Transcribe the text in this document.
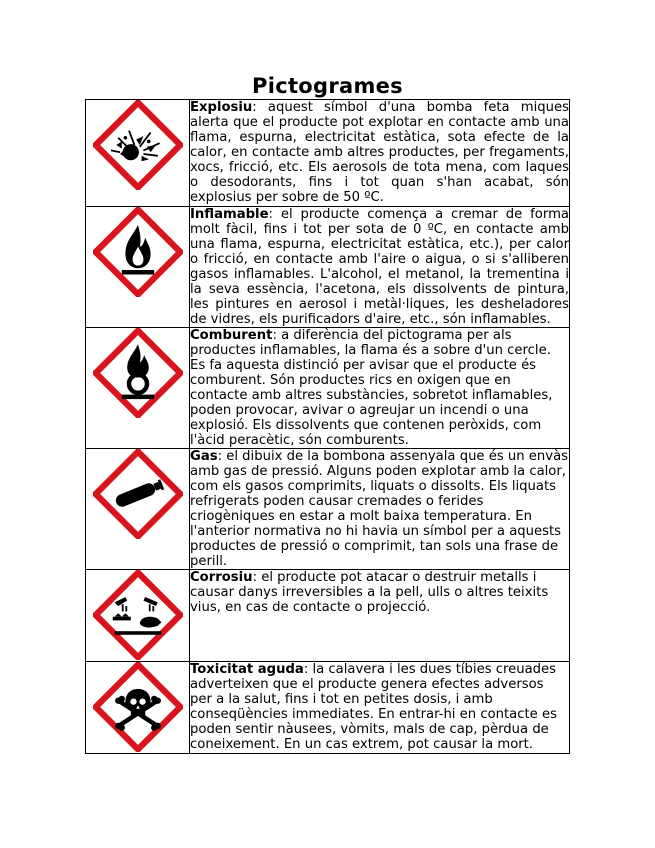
Pictogrames
	Explosiu: aquest símbol d'una bomba feta miques alerta que el producte pot explotar en contacte amb una flama, espurna, electricitat estàtica, sota efecte de la calor, en contacte amb altres productes, per fregaments, xocs, fricció, etc. Els aerosols de tota mena, com laques o desodorants, fins i tot quan s'han acabat, són explosius per sobre de 50 ºC.

	Inflamable: el producte comença a cremar de forma molt fàcil, fins i tot per sota de 0 ºC, en contacte amb una flama, espurna, electricitat estàtica, etc.), per calor o fricció, en contacte amb l'aire o aigua, o si s'alliberen gasos inflamables. L'alcohol, el metanol, la trementina i la seva essència, l'acetona, els dissolvents de pintura, les pintures en aerosol i metàl·liques, les desheladores de vidres, els purificadors d'aire, etc., són inflamables.

	Comburent: a diferència del pictograma per als productes inflamables, la flama és a sobre d'un cercle. Es fa aquesta distinció per avisar que el producte és comburent. Són productes rics en oxigen que en contacte amb altres substàncies, sobretot inflamables, poden provocar, avivar o agreujar un incendi o una explosió. Els dissolvents que contenen peròxids, com l'àcid peracètic, són comburents.

	Gas: el dibuix de la bombona assenyala que és un envàs amb gas de pressió. Alguns poden explotar amb la calor, com els gasos comprimits, liquats o dissolts. Els liquats refrigerats poden causar cremades o ferides criogèniques en estar a molt baixa temperatura. En l'anterior normativa no hi havia un símbol per a aquests productes de pressió o comprimit, tan sols una frase de perill.

	Corrosiu: el producte pot atacar o destruir metalls i causar danys irreversibles a la pell, ulls o altres teixits vius, en cas de contacte o projecció.

	Toxicitat aguda: la calavera i les dues tíbies creuades adverteixen que el producte genera efectes adversos per a la salut, fins i tot en petites dosis, i amb conseqüències immediates. En entrar-hi en contacte es poden sentir nàusees, vòmits, mals de cap, pèrdua de coneixement. En un cas extrem, pot causar la mort.
